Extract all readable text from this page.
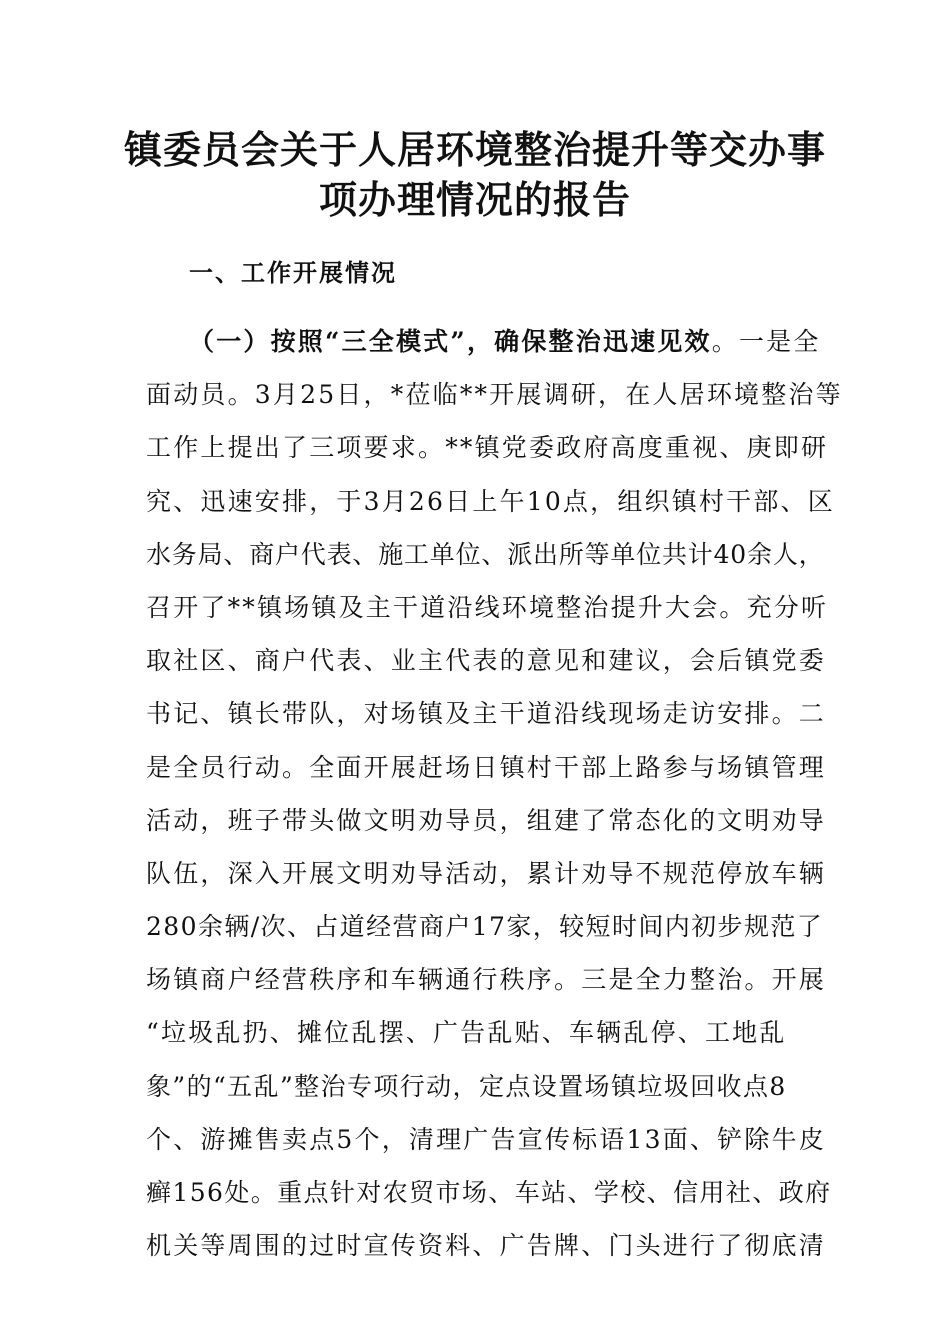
镇委员会关于人居环境整治提升等交办事
项办理情况的报告
一、工作开展情况
（一）按照“三全模式”，确保整治迅速见效。一是全
面动员。3月25日，*莅临**开展调研，在人居环境整治等
工作上提出了三项要求。**镇党委政府高度重视、庚即研
究、迅速安排，于3月26日上午10点，组织镇村干部、区
水务局、商户代表、施工单位、派出所等单位共计40余人，
召开了**镇场镇及主干道沿线环境整治提升大会。充分听
取社区、商户代表、业主代表的意见和建议，会后镇党委
书记、镇长带队，对场镇及主干道沿线现场走访安排。二
是全员行动。全面开展赶场日镇村干部上路参与场镇管理
活动，班子带头做文明劝导员，组建了常态化的文明劝导
队伍，深入开展文明劝导活动，累计劝导不规范停放车辆
280余辆/次、占道经营商户17家，较短时间内初步规范了
场镇商户经营秩序和车辆通行秩序。三是全力整治。开展
“垃圾乱扔、摊位乱摆、广告乱贴、车辆乱停、工地乱
象”的“五乱”整治专项行动，定点设置场镇垃圾回收点8
个、游摊售卖点5个，清理广告宣传标语13面、铲除牛皮
癣156处。重点针对农贸市场、车站、学校、信用社、政府
机关等周围的过时宣传资料、广告牌、门头进行了彻底清
